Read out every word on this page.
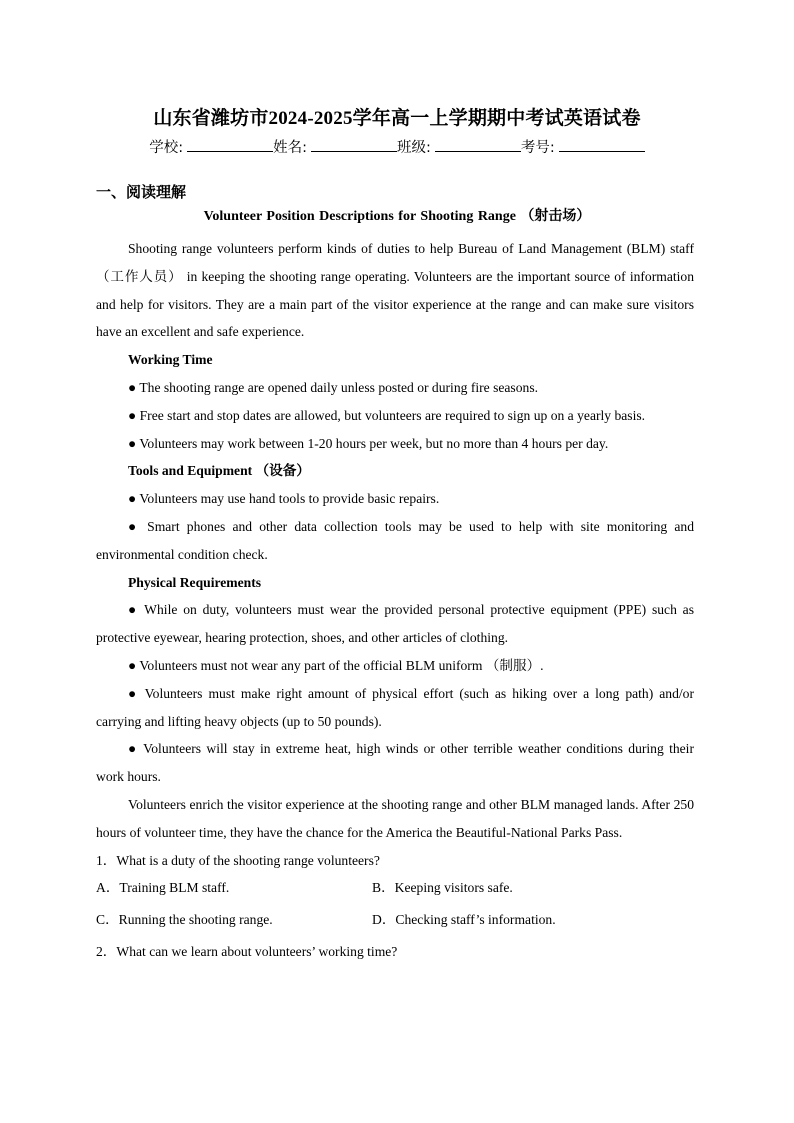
山东省潍坊市2024-2025学年高一上学期期中考试英语试卷
学校:	姓名:	班级:	考号:
一、阅读理解
Volunteer Position Descriptions for Shooting Range （射击场）

Shooting range volunteers perform kinds of duties to help Bureau of Land Management (BLM) staff （工作人员） in keeping the shooting range operating. Volunteers are the important source of information and help for visitors. They are a main part of the visitor experience at the range and can make sure visitors have an excellent and safe experience.

Working Time

● The shooting range are opened daily unless posted or during fire seasons.

● Free start and stop dates are allowed, but volunteers are required to sign up on a yearly basis.

● Volunteers may work between 1-20 hours per week, but no more than 4 hours per day.

Tools and Equipment （设备）

● Volunteers may use hand tools to provide basic repairs.

● Smart phones and other data collection tools may be used to help with site monitoring and environmental condition check.

Physical Requirements

● While on duty, volunteers must wear the provided personal protective equipment (PPE) such as protective eyewear, hearing protection, shoes, and other articles of clothing.

● Volunteers must not wear any part of the official BLM uniform （制服）.

● Volunteers must make right amount of physical effort (such as hiking over a long path) and/or carrying and lifting heavy objects (up to 50 pounds).

● Volunteers will stay in extreme heat, high winds or other terrible weather conditions during their work hours.

Volunteers enrich the visitor experience at the shooting range and other BLM managed lands. After 250 hours of volunteer time, they have the chance for the America the Beautiful-National Parks Pass.

1．What is a duty of the shooting range volunteers?

A．Training BLM staff.	B．Keeping visitors safe.
C．Running the shooting range.	D．Checking staff’s information.

2．What can we learn about volunteers’ working time?
